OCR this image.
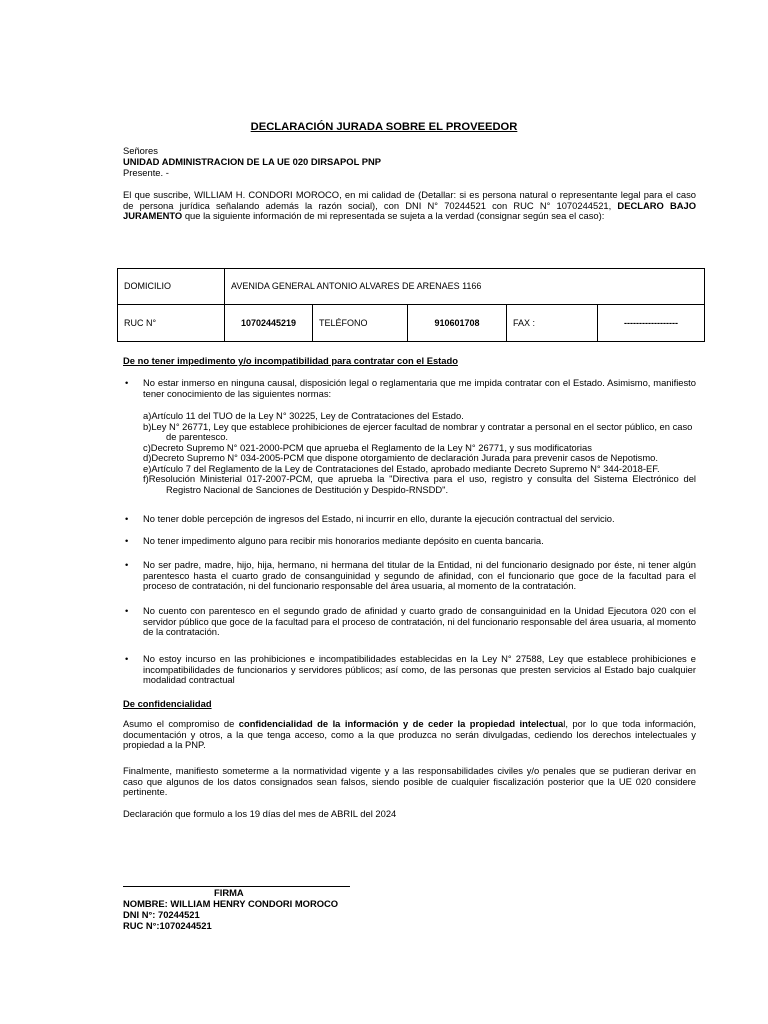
DECLARACIÓN JURADA SOBRE EL PROVEEDOR
Señores
UNIDAD ADMINISTRACION DE LA UE 020 DIRSAPOL PNP
Presente. -
El que suscribe, WILLIAM H. CONDORI MOROCO, en mi calidad de (Detallar: si es persona natural o representante legal para el caso de persona jurídica señalando además la razón social), con DNI N° 70244521 con RUC N° 1070244521, DECLARO BAJO JURAMENTO que la siguiente información de mi representada se sujeta a la verdad (consignar según sea el caso):
DOMICILIO	AVENIDA GENERAL ANTONIO ALVARES DE ARENAES 1166				
RUC N°	10702445219	TELÉFONO	910601708	FAX :	------------------
De no tener impedimento y/o incompatibilidad para contratar con el Estado
• No estar inmerso en ninguna causal, disposición legal o reglamentaria que me impida contratar con el Estado. Asimismo, manifiesto tener conocimiento de las siguientes normas:
a)Artículo 11 del TUO de la Ley N° 30225, Ley de Contrataciones del Estado.
b)Ley N° 26771, Ley que establece prohibiciones de ejercer facultad de nombrar y contratar a personal en el sector público, en caso de parentesco.
c)Decreto Supremo N° 021-2000-PCM que aprueba el Reglamento de la Ley N° 26771, y sus modificatorias
d)Decreto Supremo N° 034-2005-PCM que dispone otorgamiento de declaración Jurada para prevenir casos de Nepotismo.
e)Artículo 7 del Reglamento de la Ley de Contrataciones del Estado, aprobado mediante Decreto Supremo N° 344-2018-EF.
f)Resolución Ministerial 017-2007-PCM, que aprueba la "Directiva para el uso, registro y consulta del Sistema Electrónico del Registro Nacional de Sanciones de Destitución y Despido-RNSDD".
• No tener doble percepción de ingresos del Estado, ni incurrir en ello, durante la ejecución contractual del servicio.
• No tener impedimento alguno para recibir mis honorarios mediante depósito en cuenta bancaria.
• No ser padre, madre, hijo, hija, hermano, ni hermana del titular de la Entidad, ni del funcionario designado por éste, ni tener algún parentesco hasta el cuarto grado de consanguinidad y segundo de afinidad, con el funcionario que goce de la facultad para el proceso de contratación, ni del funcionario responsable del área usuaria, al momento de la contratación.
• No cuento con parentesco en el segundo grado de afinidad y cuarto grado de consanguinidad en la Unidad Ejecutora 020 con el servidor público que goce de la facultad para el proceso de contratación, ni del funcionario responsable del área usuaria, al momento de la contratación.
• No estoy incurso en las prohibiciones e incompatibilidades establecidas en la Ley N° 27588, Ley que establece prohibiciones e incompatibilidades de funcionarios y servidores públicos; así como, de las personas que presten servicios al Estado bajo cualquier modalidad contractual
De confidencialidad
Asumo el compromiso de confidencialidad de la información y de ceder la propiedad intelectual, por lo que toda información, documentación y otros, a la que tenga acceso, como a la que produzca no serán divulgadas, cediendo los derechos intelectuales y propiedad a la PNP.
Finalmente, manifiesto someterme a la normatividad vigente y a las responsabilidades civiles y/o penales que se pudieran derivar en caso que algunos de los datos consignados sean falsos, siendo posible de cualquier fiscalización posterior que la UE 020 considere pertinente.
Declaración que formulo a los 19 días del mes de ABRIL del 2024
FIRMA
NOMBRE: WILLIAM HENRY CONDORI MOROCO
DNI N°: 70244521
RUC N°:1070244521
